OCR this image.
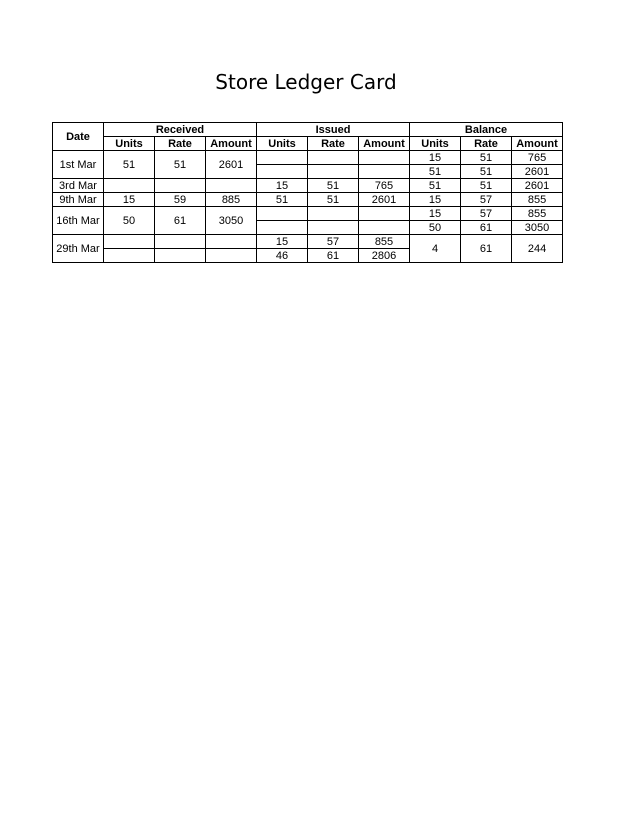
Store Ledger Card
Date	Received			Issued			Balance		
	Units	Rate	Amount	Units	Rate	Amount	Units	Rate	Amount
1st Mar	51	51	2601				15	51	765
							51	51	2601
3rd Mar				15	51	765	51	51	2601
9th Mar	15	59	885	51	51	2601	15	57	855
16th Mar	50	61	3050				15	57	855
							50	61	3050
29th Mar				15	57	855	4	61	244
				46	61	2806			
